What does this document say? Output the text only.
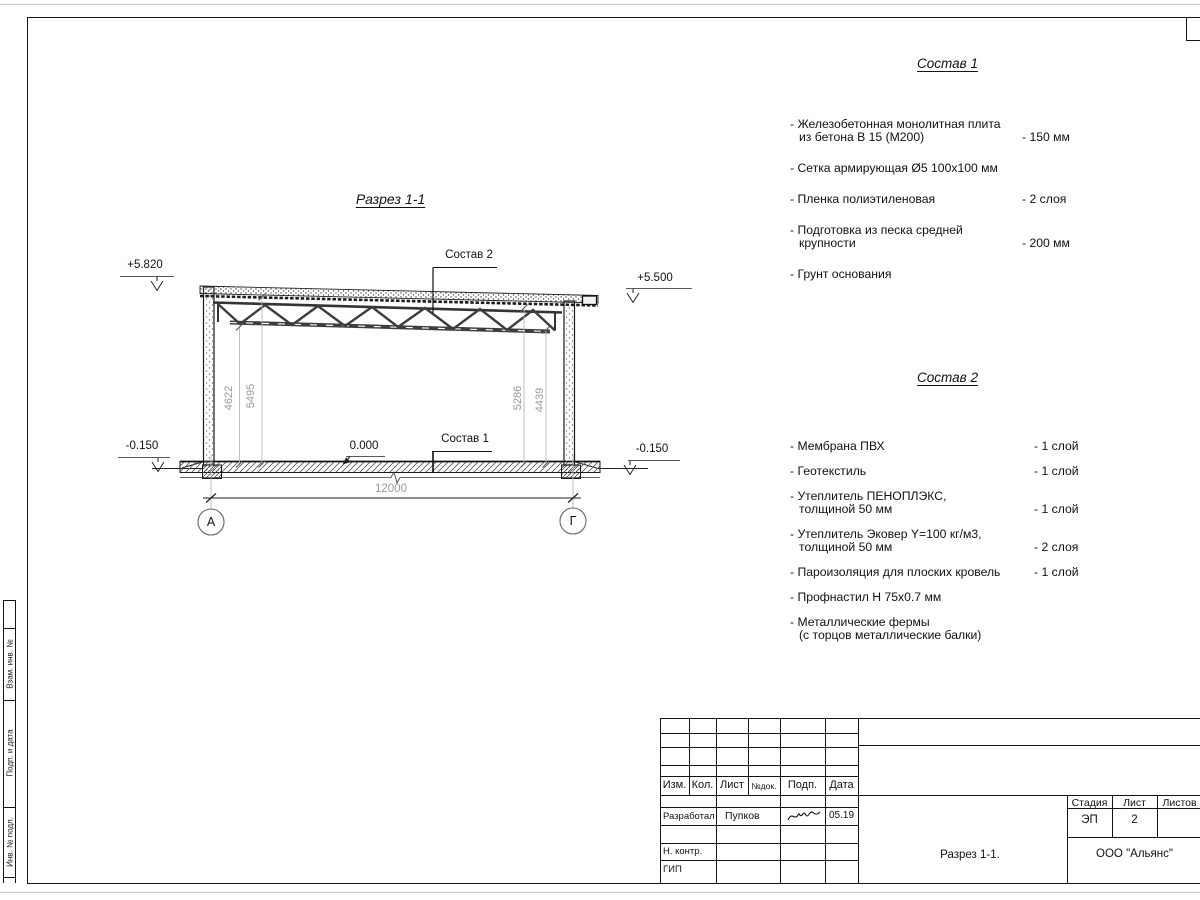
Взам. инв. №
Подп. и дата
Инв. № подл.
Разрез 1-1
Состав 2
Состав 1
+5.820
+5.500
-0.150	-0.150
0.000
12000
4622 5495	5286 4439
А	Г
Состав 1
- Железобетонная монолитная плита
из бетона В 15 (М200)	- 150 мм
- Сетка армирующая Ø5 100х100 мм
- Пленка полиэтиленовая	- 2 слоя
- Подготовка из песка средней
крупности	- 200 мм
- Грунт основания
Состав 2
- Мембрана ПВХ	- 1 слой
- Геотекстиль	- 1 слой
- Утеплитель ПЕНОПЛЭКС,
толщиной 50 мм	- 1 слой
- Утеплитель Эковер Y=100 кг/м3,
толщиной 50 мм	- 2 слоя
- Пароизоляция для плоских кровель	- 1 слой
- Профнастил Н 75х0.7 мм
- Металлические фермы
(с торцов металлические балки)
Изм. Кол. Лист №док.	Подп.	Дата
Разработал Пупков	05.19
Н. контр.
ГИП
Стадия	Лист	Листов
ЭП	2
Разрез 1-1.	ООО "Альянс"
